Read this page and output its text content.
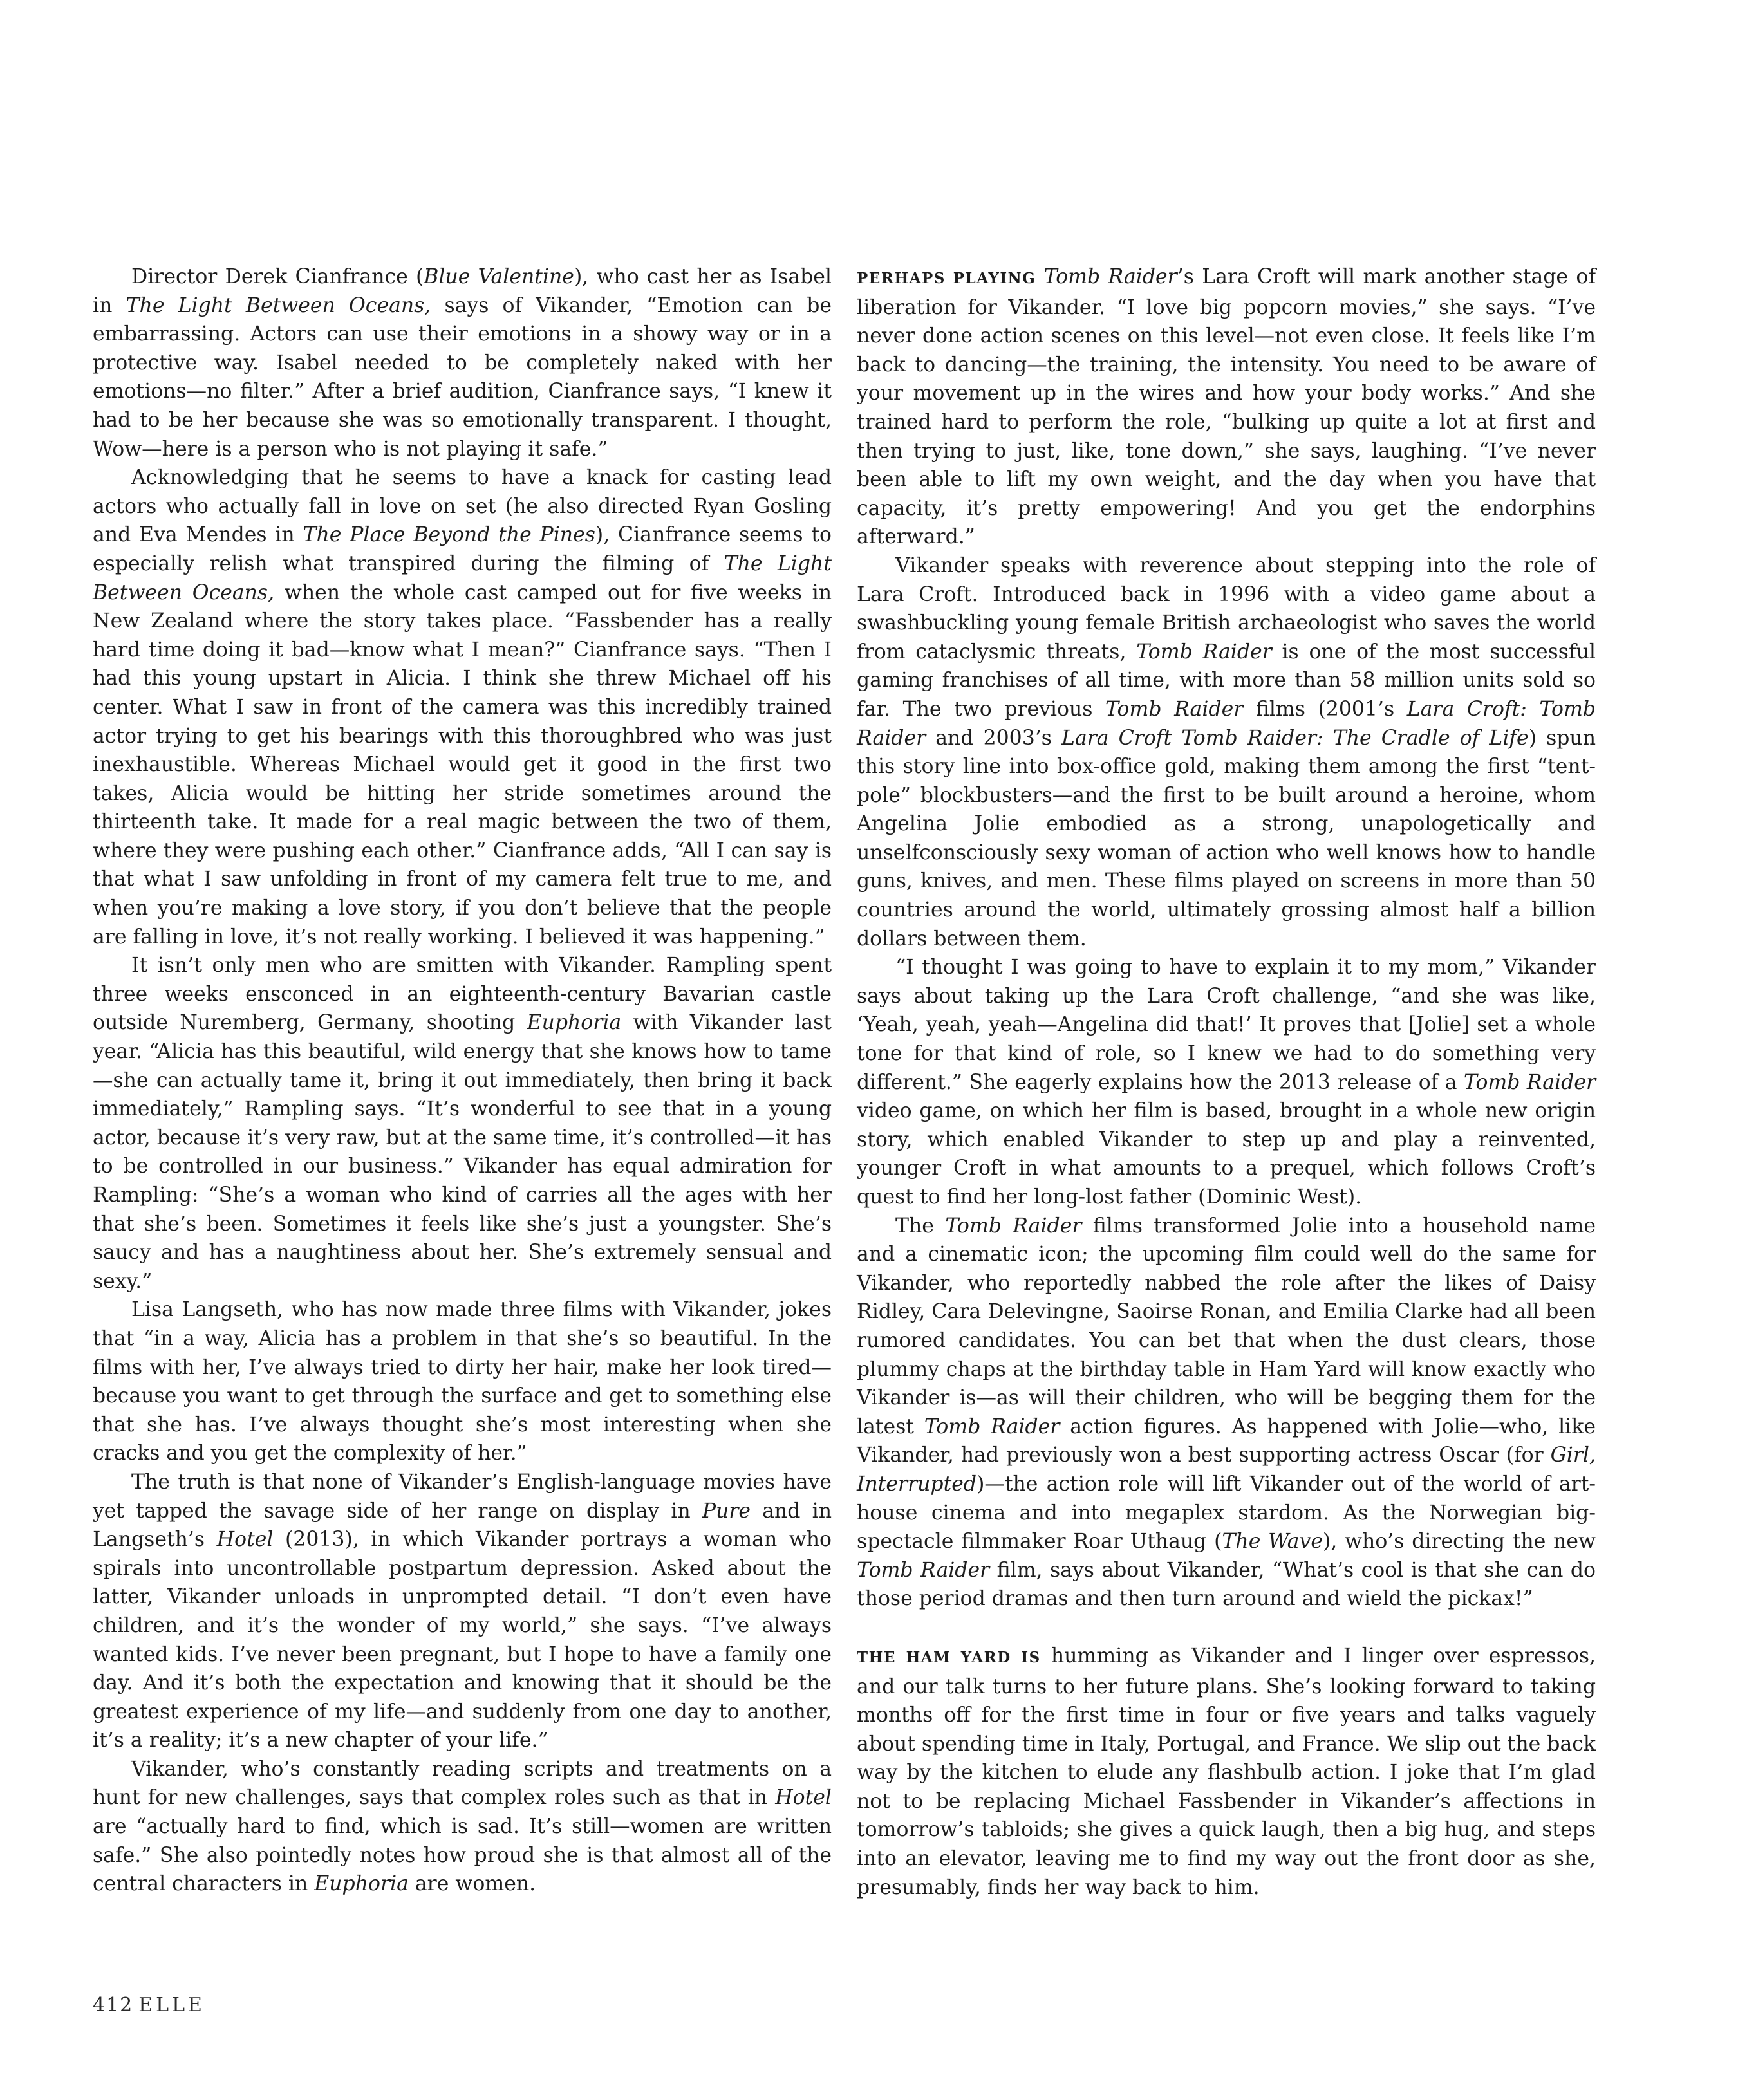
Director Derek Cianfrance (Blue Valentine), who cast her as Isabel in The Light Between Oceans, says of Vikander, “Emotion can be embarrassing. Actors can use their emotions in a showy way or in a protective way. Isabel needed to be completely naked with her emotions—no filter.” After a brief audition, Cianfrance says, “I knew it had to be her because she was so emotionally transparent. I thought, Wow—here is a person who is not playing it safe.”

Acknowledging that he seems to have a knack for casting lead actors who actually fall in love on set (he also directed Ryan Gosling and Eva Mendes in The Place Beyond the Pines), Cianfrance seems to especially relish what transpired during the filming of The Light Between Oceans, when the whole cast camped out for five weeks in New Zealand where the story takes place. “Fassbender has a really hard time doing it bad—know what I mean?” Cianfrance says. “Then I had this young upstart in Alicia. I think she threw Michael off his center. What I saw in front of the camera was this incredibly trained actor trying to get his bearings with this thoroughbred who was just inexhaustible. Whereas Michael would get it good in the first two takes, Alicia would be hitting her stride sometimes around the thirteenth take. It made for a real magic between the two of them, where they were pushing each other.” Cianfrance adds, “All I can say is that what I saw unfolding in front of my camera felt true to me, and when you’re making a love story, if you don’t believe that the people are falling in love, it’s not really working. I believed it was happening.”

It isn’t only men who are smitten with Vikander. Rampling spent three weeks ensconced in an eighteenth-century Bavarian castle outside Nuremberg, Germany, shooting Euphoria with Vikander last year. “Alicia has this beautiful, wild energy that she knows how to tame—she can actually tame it, bring it out immediately, then bring it back immediately,” Rampling says. “It’s wonderful to see that in a young actor, because it’s very raw, but at the same time, it’s controlled—it has to be controlled in our business.” Vikander has equal admiration for Rampling: “She’s a woman who kind of carries all the ages with her that she’s been. Sometimes it feels like she’s just a youngster. She’s saucy and has a naughtiness about her. She’s extremely sensual and sexy.”

Lisa Langseth, who has now made three films with Vikander, jokes that “in a way, Alicia has a problem in that she’s so beautiful. In the films with her, I’ve always tried to dirty her hair, make her look tired—because you want to get through the surface and get to something else that she has. I’ve always thought she’s most interesting when she cracks and you get the complexity of her.”

The truth is that none of Vikander’s English-language movies have yet tapped the savage side of her range on display in Pure and in Langseth’s Hotel (2013), in which Vikander portrays a woman who spirals into uncontrollable postpartum depression. Asked about the latter, Vikander unloads in unprompted detail. “I don’t even have children, and it’s the wonder of my world,” she says. “I’ve always wanted kids. I’ve never been pregnant, but I hope to have a family one day. And it’s both the expectation and knowing that it should be the greatest experience of my life—and suddenly from one day to another, it’s a reality; it’s a new chapter of your life.”

Vikander, who’s constantly reading scripts and treatments on a hunt for new challenges, says that complex roles such as that in Hotel are “actually hard to find, which is sad. It’s still—women are written safe.” She also pointedly notes how proud she is that almost all of the central characters in Euphoria are women.

PERHAPS PLAYING Tomb Raider’s Lara Croft will mark another stage of liberation for Vikander. “I love big popcorn movies,” she says. “I’ve never done action scenes on this level—not even close. It feels like I’m back to dancing—the training, the intensity. You need to be aware of your movement up in the wires and how your body works.” And she trained hard to perform the role, “bulking up quite a lot at first and then trying to just, like, tone down,” she says, laughing. “I’ve never been able to lift my own weight, and the day when you have that capacity, it’s pretty empowering! And you get the endorphins afterward.”

Vikander speaks with reverence about stepping into the role of Lara Croft. Introduced back in 1996 with a video game about a swashbuckling young female British archaeologist who saves the world from cataclysmic threats, Tomb Raider is one of the most successful gaming franchises of all time, with more than 58 million units sold so far. The two previous Tomb Raider films (2001’s Lara Croft: Tomb Raider and 2003’s Lara Croft Tomb Raider: The Cradle of Life) spun this story line into box-office gold, making them among the first “tent-pole” blockbusters—and the first to be built around a heroine, whom Angelina Jolie embodied as a strong, unapologetically and unselfconsciously sexy woman of action who well knows how to handle guns, knives, and men. These films played on screens in more than 50 countries around the world, ultimately grossing almost half a billion dollars between them.

“I thought I was going to have to explain it to my mom,” Vikander says about taking up the Lara Croft challenge, “and she was like, ‘Yeah, yeah, yeah—Angelina did that!’ It proves that [Jolie] set a whole tone for that kind of role, so I knew we had to do something very different.” She eagerly explains how the 2013 release of a Tomb Raider video game, on which her film is based, brought in a whole new origin story, which enabled Vikander to step up and play a reinvented, younger Croft in what amounts to a prequel, which follows Croft’s quest to find her long-lost father (Dominic West).

The Tomb Raider films transformed Jolie into a household name and a cinematic icon; the upcoming film could well do the same for Vikander, who reportedly nabbed the role after the likes of Daisy Ridley, Cara Delevingne, Saoirse Ronan, and Emilia Clarke had all been rumored candidates. You can bet that when the dust clears, those plummy chaps at the birthday table in Ham Yard will know exactly who Vikander is—as will their children, who will be begging them for the latest Tomb Raider action figures. As happened with Jolie—who, like Vikander, had previously won a best supporting actress Oscar (for Girl, Interrupted)—the action role will lift Vikander out of the world of art-house cinema and into megaplex stardom. As the Norwegian big-spectacle filmmaker Roar Uthaug (The Wave), who’s directing the new Tomb Raider film, says about Vikander, “What’s cool is that she can do those period dramas and then turn around and wield the pickax!”

THE HAM YARD IS humming as Vikander and I linger over espressos, and our talk turns to her future plans. She’s looking forward to taking months off for the first time in four or five years and talks vaguely about spending time in Italy, Portugal, and France. We slip out the back way by the kitchen to elude any flashbulb action. I joke that I’m glad not to be replacing Michael Fassbender in Vikander’s affections in tomorrow’s tabloids; she gives a quick laugh, then a big hug, and steps into an elevator, leaving me to find my way out the front door as she, presumably, finds her way back to him.

412 ELLE
